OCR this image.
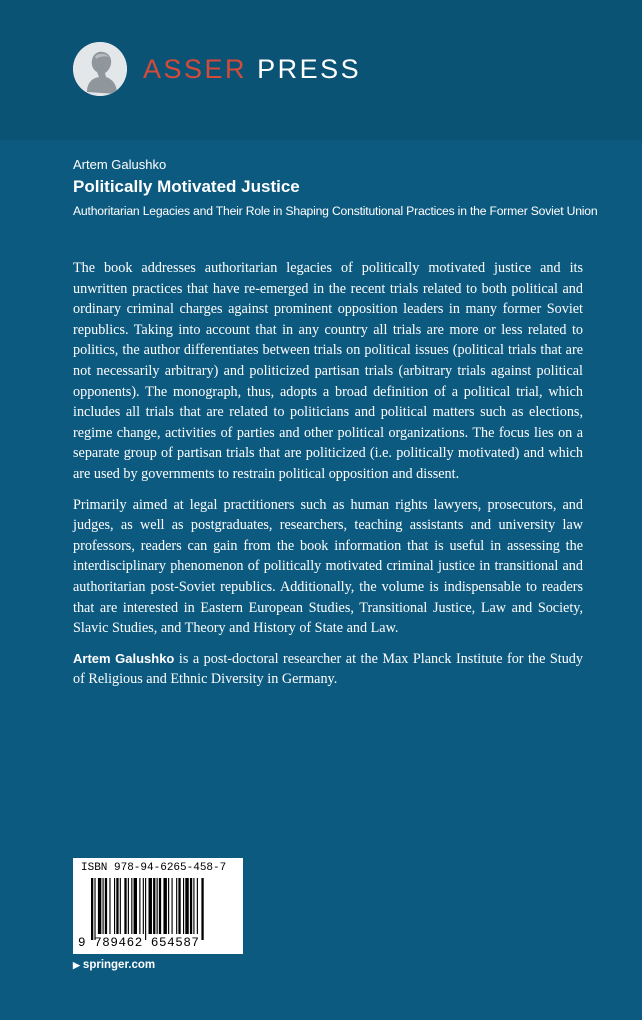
ASSER PRESS

Artem Galushko

Politically Motivated Justice

Authoritarian Legacies and Their Role in Shaping Constitutional Practices in the Former Soviet Union

The book addresses authoritarian legacies of politically motivated justice and its unwritten practices that have re-emerged in the recent trials related to both political and ordinary criminal charges against prominent opposition leaders in many former Soviet republics. Taking into account that in any country all trials are more or less related to politics, the author differentiates between trials on political issues (political trials that are not necessarily arbitrary) and politicized partisan trials (arbitrary trials against political opponents). The monograph, thus, adopts a broad definition of a political trial, which includes all trials that are related to politicians and political matters such as elections, regime change, activities of parties and other political organizations. The focus lies on a separate group of partisan trials that are politicized (i.e. politically motivated) and which are used by governments to restrain political opposition and dissent.

Primarily aimed at legal practitioners such as human rights lawyers, prosecutors, and judges, as well as postgraduates, researchers, teaching assistants and university law professors, readers can gain from the book information that is useful in assessing the interdisciplinary phenomenon of politically motivated criminal justice in transitional and authoritarian post-Soviet republics. Additionally, the volume is indispensable to readers that are interested in Eastern European Studies, Transitional Justice, Law and Society, Slavic Studies, and Theory and History of State and Law.

Artem Galushko is a post-doctoral researcher at the Max Planck Institute for the Study of Religious and Ethnic Diversity in Germany.

ISBN 978-94-6265-458-7
9 789462 654587
▶ springer.com
